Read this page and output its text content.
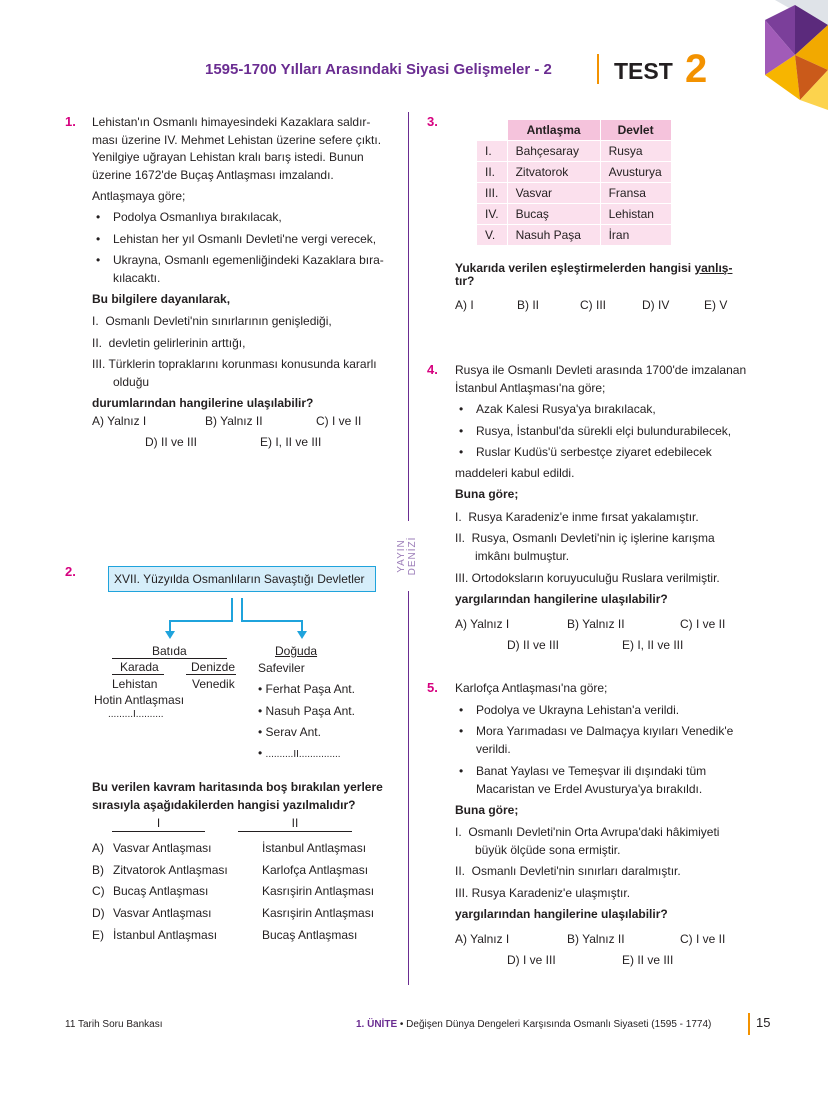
1595-1700 Yılları Arasındaki Siyasi Gelişmeler - 2	TEST 2
YAYIN DENİZİ
1. Lehistan'ın Osmanlı himayesindeki Kazaklara saldır-
ması üzerine IV. Mehmet Lehistan üzerine sefere çıktı.
Yenilgiye uğrayan Lehistan kralı barış istedi. Bunun
üzerine 1672'de Buçaş Antlaşması imzalandı.
Antlaşmaya göre;
• Podolya Osmanlıya bırakılacak,
• Lehistan her yıl Osmanlı Devleti'ne vergi verecek,
• Ukrayna, Osmanlı egemenliğindeki Kazaklara bıra-
kılacaktı.
Bu bilgilere dayanılarak,
I.  Osmanlı Devleti'nin sınırlarının genişlediği,
II.  devletin gelirlerinin arttığı,
III. Türklerin topraklarını korunması konusunda kararlı
olduğu
durumlarından hangilerine ulaşılabilir?
A) Yalnız I	B) Yalnız II	C) I ve II
D) II ve III	E) I, II ve III
2.	XVII. Yüzyılda Osmanlıların Savaştığı Devletler
Batıda
Karada	Denizde
Lehistan	Venedik
Hotin Antlaşması
.........I..........
Doğuda
Safeviler
• Ferhat Paşa Ant.
• Nasuh Paşa Ant.
• Serav Ant.
• ..........II...............
Bu verilen kavram haritasında boş bırakılan yerlere
sırasıyla aşağıdakilerden hangisi yazılmalıdır?
I	II
A) Vasvar Antlaşması	İstanbul Antlaşması
B) Zitvatorok Antlaşması	Karlofça Antlaşması
C) Bucaş Antlaşması	Kasrışirin Antlaşması
D) Vasvar Antlaşması	Kasrışirin Antlaşması
E) İstanbul Antlaşması	Bucaş Antlaşması
3.
	Antlaşma	Devlet
I.	Bahçesaray	Rusya
II.	Zitvatorok	Avusturya
III.	Vasvar	Fransa
IV.	Bucaş	Lehistan
V.	Nasuh Paşa	İran
Yukarıda verilen eşleştirmelerden hangisi yanlış-
tır?
A) I	B) II	C) III	D) IV	E) V
4. Rusya ile Osmanlı Devleti arasında 1700'de imzalanan
İstanbul Antlaşması'na göre;
• Azak Kalesi Rusya'ya bırakılacak,
• Rusya, İstanbul'da sürekli elçi bulundurabilecek,
• Ruslar Kudüs'ü serbestçe ziyaret edebilecek
maddeleri kabul edildi.
Buna göre;
I.  Rusya Karadeniz'e inme fırsat yakalamıştır.
II.  Rusya, Osmanlı Devleti'nin iç işlerine karışma
imkânı bulmuştur.
III. Ortodoksların koruyuculuğu Ruslara verilmiştir.
yargılarından hangilerine ulaşılabilir?
A) Yalnız I	B) Yalnız II	C) I ve II
D) II ve III	E) I, II ve III
5. Karlofça Antlaşması'na göre;
• Podolya ve Ukrayna Lehistan'a verildi.
• Mora Yarımadası ve Dalmaçya kıyıları Venedik'e
verildi.
• Banat Yaylası ve Temeşvar ili dışındaki tüm
Macaristan ve Erdel Avusturya'ya bırakıldı.
Buna göre;
I.  Osmanlı Devleti'nin Orta Avrupa'daki hâkimiyeti
büyük ölçüde sona ermiştir.
II.  Osmanlı Devleti'nin sınırları daralmıştır.
III. Rusya Karadeniz'e ulaşmıştır.
yargılarından hangilerine ulaşılabilir?
A) Yalnız I	B) Yalnız II	C) I ve II
D) I ve III	E) II ve III
11 Tarih Soru Bankası	1. ÜNİTE • Değişen Dünya Dengeleri Karşısında Osmanlı Siyaseti (1595 - 1774)	15
